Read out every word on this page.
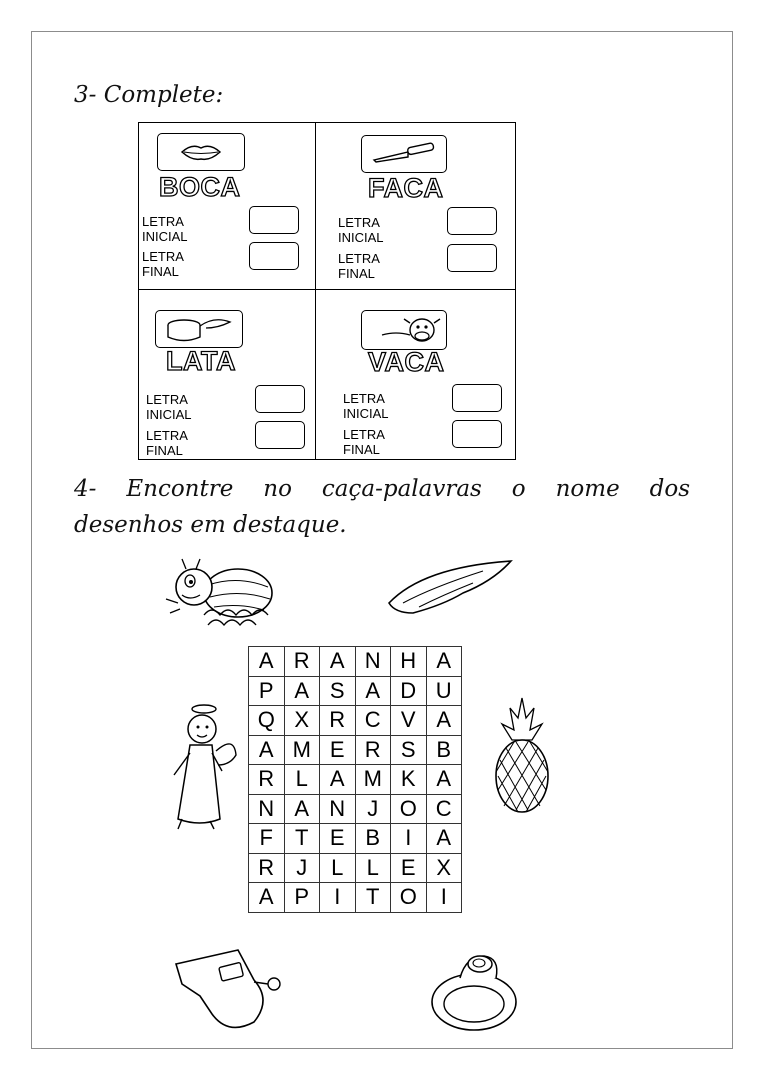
3- Complete:
BOCA
LETRA INICIAL
LETRA FINAL
FACA
LETRA INICIAL
LETRA FINAL
LATA
LETRA INICIAL
LETRA FINAL
VACA
LETRA INICIAL
LETRA FINAL
4- Encontre no caça-palavras o nome dos
desenhos em destaque.
A	R	A	N	H	A
P	A	S	A	D	U
Q	X	R	C	V	A
A	M	E	R	S	B
R	L	A	M	K	A
N	A	N	J	O	C
F	T	E	B	I	A
R	J	L	L	E	X
A	P	I	T	O	I
